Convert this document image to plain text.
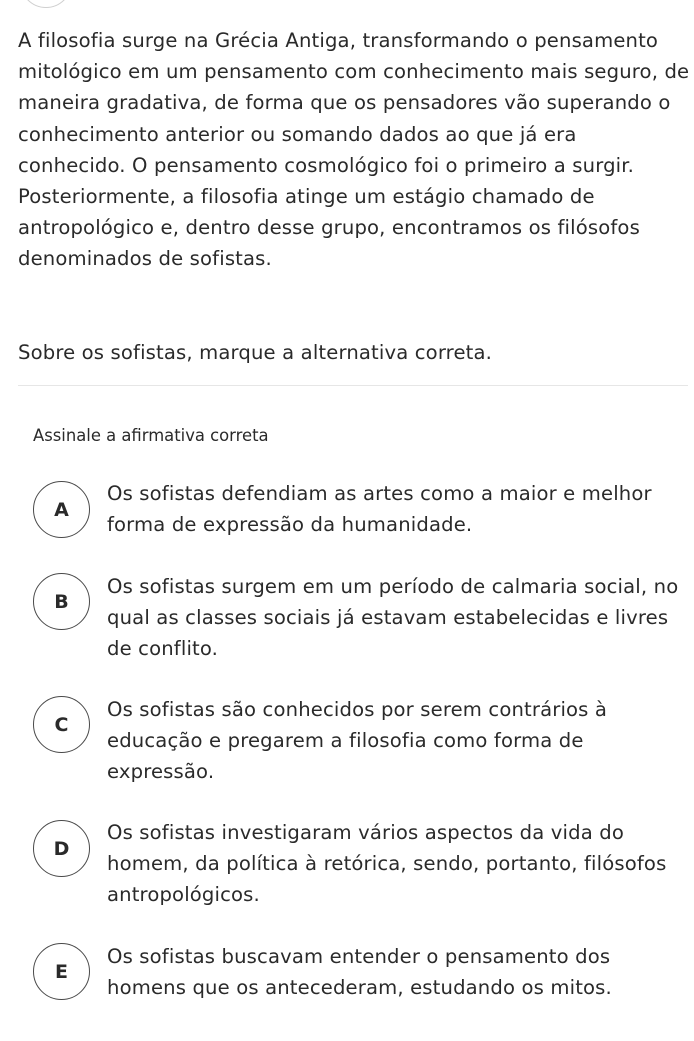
A filosofia surge na Grécia Antiga, transformando o pensamento mitológico em um pensamento com conhecimento mais seguro, de maneira gradativa, de forma que os pensadores vão superando o conhecimento anterior ou somando dados ao que já era conhecido. O pensamento cosmológico foi o primeiro a surgir. Posteriormente, a filosofia atinge um estágio chamado de antropológico e, dentro desse grupo, encontramos os filósofos denominados de sofistas.

Sobre os sofistas, marque a alternativa correta.

Assinale a afirmativa correta
A
Os sofistas defendiam as artes como a maior e melhor forma de expressão da humanidade.
B
Os sofistas surgem em um período de calmaria social, no qual as classes sociais já estavam estabelecidas e livres de conflito.
C
Os sofistas são conhecidos por serem contrários à educação e pregarem a filosofia como forma de expressão.
D
Os sofistas investigaram vários aspectos da vida do homem, da política à retórica, sendo, portanto, filósofos antropológicos.
E
Os sofistas buscavam entender o pensamento dos homens que os antecederam, estudando os mitos.
